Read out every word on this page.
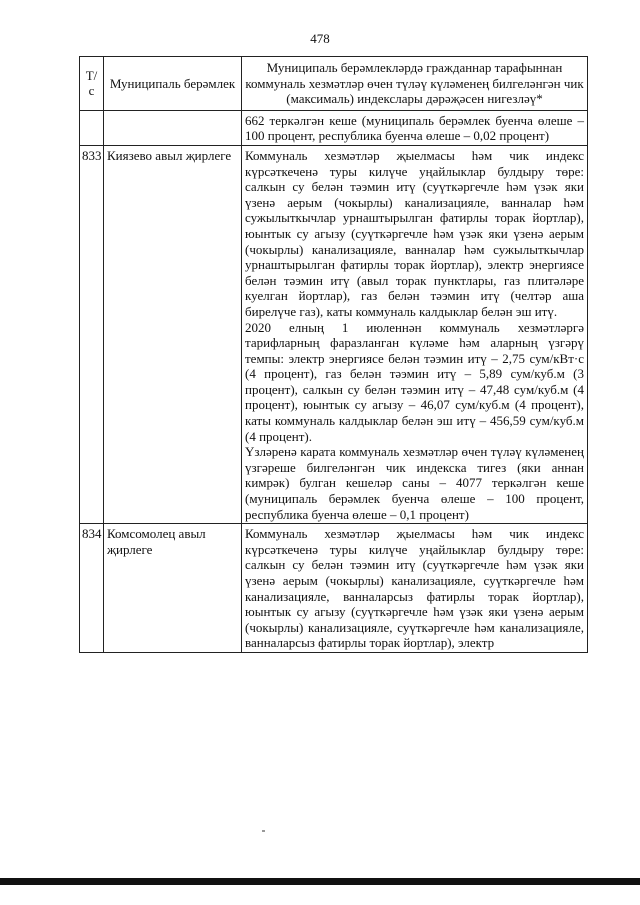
478
Т/с	Муниципаль берәмлек	Муниципаль берәмлекләрдә гражданнар тарафыннан коммуналь хезмәтләр өчен түләү күләменең билгеләнгән чик (максималь) индекслары дәрәҗәсен нигезләү*
		662 теркәлгән кеше (муниципаль берәмлек буенча өлеше – 100 процент, республика буенча өлеше – 0,02 процент)
833	Киязево авыл җирлеге	Коммуналь хезмәтләр җыелмасы һәм чик индекс күрсәткеченә туры килүче уңайлыклар булдыру төре: салкын су белән тәэмин итү (суүткәргечле һәм үзәк яки үзенә аерым (чокырлы) канализацияле, ванналар һәм сужылыткычлар урнаштырылган фатирлы торак йортлар), юынтык су агызу (суүткәргечле һәм үзәк яки үзенә аерым (чокырлы) канализацияле, ванналар һәм сужылыткычлар урнаштырылган фатирлы торак йортлар), электр энергиясе белән тәэмин итү (авыл торак пунктлары, газ плитәләре куелган йортлар), газ белән тәэмин итү (челтәр аша бирелүче газ), каты коммуналь калдыклар белән эш итү.

2020 елның 1 июленнән коммуналь хезмәтләргә тарифларның фаразланган күләме һәм аларның үзгәрү темпы: электр энергиясе белән тәэмин итү – 2,75 сум/кВт·с (4 процент), газ белән тәэмин итү – 5,89 сум/куб.м (3 процент), салкын су белән тәэмин итү – 47,48 сум/куб.м (4 процент), юынтык су агызу – 46,07 сум/куб.м (4 процент), каты коммуналь калдыклар белән эш итү – 456,59 сум/куб.м (4 процент).

Үзләренә карата коммуналь хезмәтләр өчен түләү күләменең үзгәреше билгеләнгән чик индекска тигез (яки аннан кимрәк) булган кешеләр саны – 4077 теркәлгән кеше (муниципаль берәмлек буенча өлеше – 100 процент, республика буенча өлеше – 0,1 процент)

834	Комсомолец авыл җирлеге	Коммуналь хезмәтләр җыелмасы һәм чик индекс күрсәткеченә туры килүче уңайлыклар булдыру төре: салкын су белән тәэмин итү (суүткәргечле һәм үзәк яки үзенә аерым (чокырлы) канализацияле, суүткәргечле һәм канализацияле, ванналарсыз фатирлы торак йортлар), юынтык су агызу (суүткәргечле һәм үзәк яки үзенә аерым (чокырлы) канализацияле, суүткәргечле һәм канализацияле, ванналарсыз фатирлы торак йортлар), электр
